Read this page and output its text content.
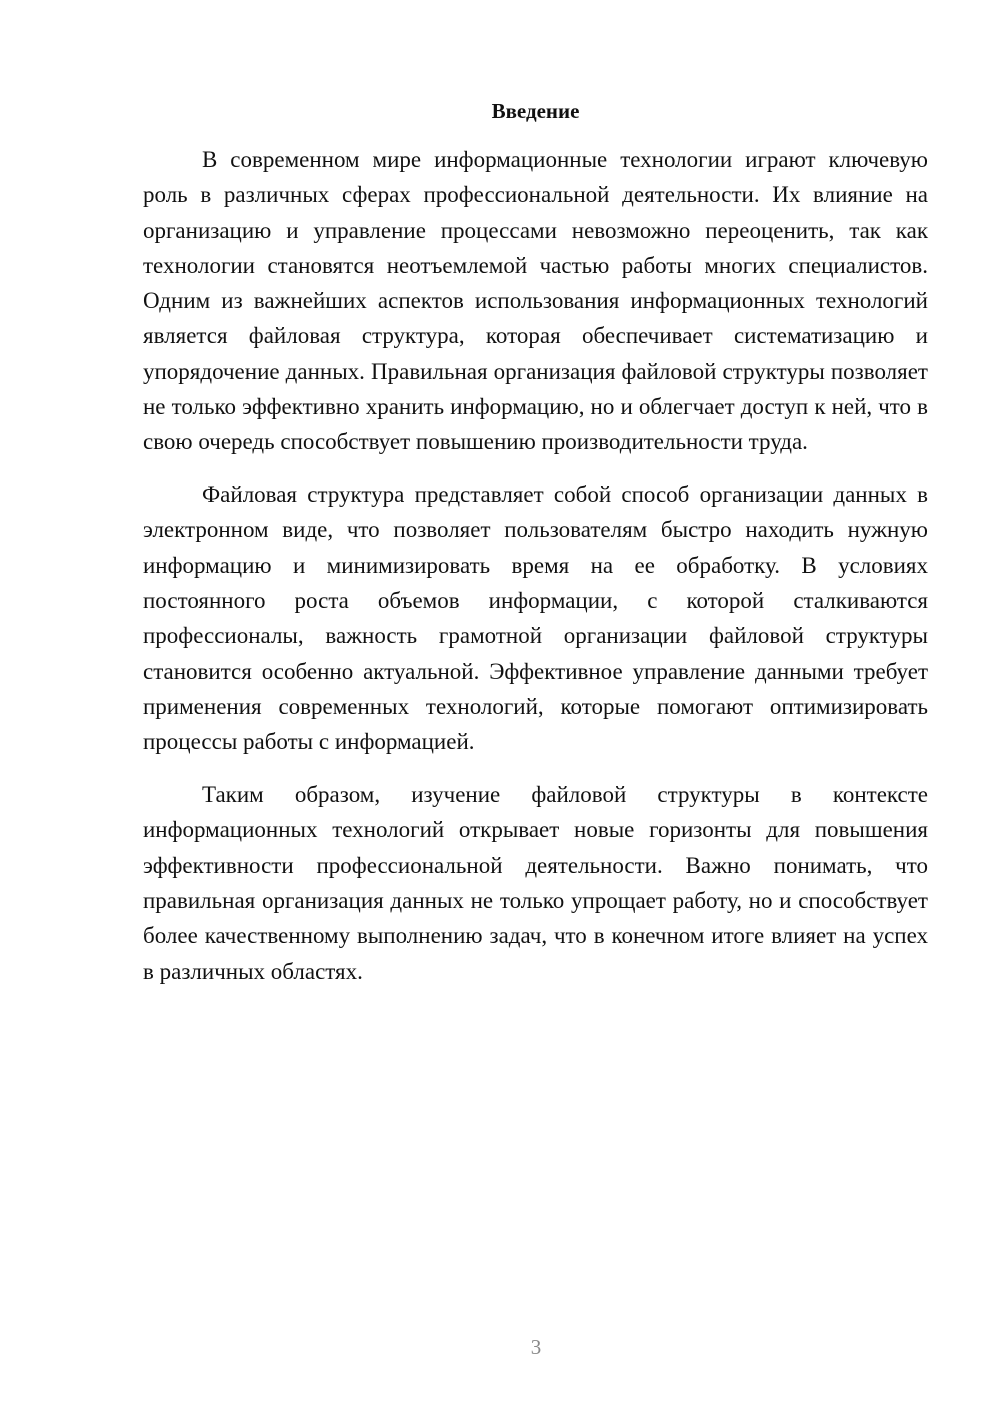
Введение

В современном мире информационные технологии играют ключевую роль в различных сферах профессиональной деятельности. Их влияние на организацию и управление процессами невозможно переоценить, так как технологии становятся неотъемлемой частью работы многих специалистов. Одним из важнейших аспектов использования информационных технологий является файловая структура, которая обеспечивает систематизацию и упорядочение данных. Правильная организация файловой структуры позволяет не только эффективно хранить информацию, но и облегчает доступ к ней, что в свою очередь способствует повышению производительности труда.

Файловая структура представляет собой способ организации данных в электронном виде, что позволяет пользователям быстро находить нужную информацию и минимизировать время на ее обработку. В условиях постоянного роста объемов информации, с которой сталкиваются профессионалы, важность грамотной организации файловой структуры становится особенно актуальной. Эффективное управление данными требует применения современных технологий, которые помогают оптимизировать процессы работы с информацией.

Таким образом, изучение файловой структуры в контексте информационных технологий открывает новые горизонты для повышения эффективности профессиональной деятельности. Важно понимать, что правильная организация данных не только упрощает работу, но и способствует более качественному выполнению задач, что в конечном итоге влияет на успех в различных областях.

3
